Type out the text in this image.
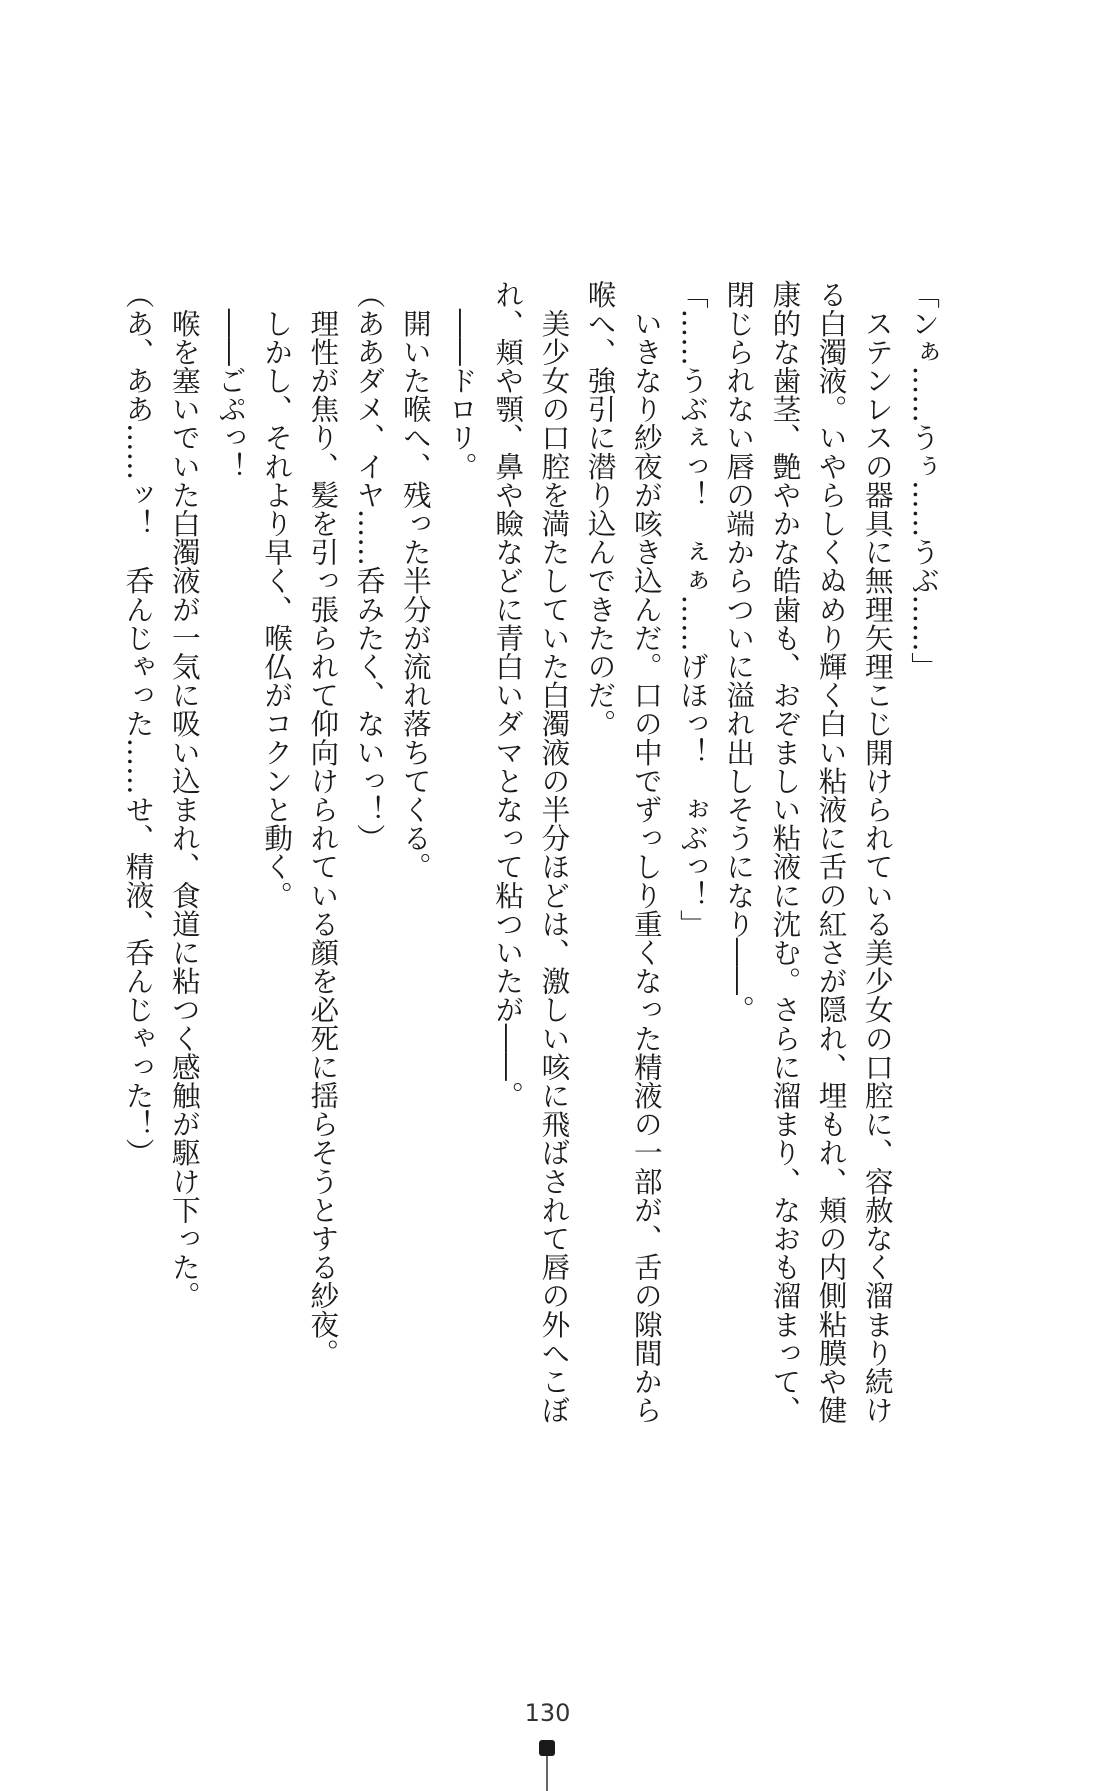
「ンぁ……うぅ……うぶ……」

　ステンレスの器具に無理矢理こじ開けられている美少女の口腔に、容赦なく溜まり続け

る白濁液。いやらしくぬめり輝く白い粘液に舌の紅さが隠れ、埋もれ、頬の内側粘膜や健

康的な歯茎、艶やかな皓歯も、おぞましい粘液に沈む。さらに溜まり、なおも溜まって、

閉じられない唇の端からついに溢れ出しそうになり――。

「……うぶぇっ！　ぇぁ……げほっ！　ぉぶっ！」

　いきなり紗夜が咳き込んだ。口の中でずっしり重くなった精液の一部が、舌の隙間から

喉へ、強引に潜り込んできたのだ。

　美少女の口腔を満たしていた白濁液の半分ほどは、激しい咳に飛ばされて唇の外へこぼ

れ、頬や顎、鼻や瞼などに青白いダマとなって粘ついたが――。

　――ドロリ。

　開いた喉へ、残った半分が流れ落ちてくる。

（ああダメ、イヤ……呑みたく、ないっ！）

　理性が焦り、髪を引っ張られて仰向けられている顔を必死に揺らそうとする紗夜。

　しかし、それより早く、喉仏がコクンと動く。

　――ごぷっ！

　喉を塞いでいた白濁液が一気に吸い込まれ、食道に粘つく感触が駆け下った。

（あ、ああ……ッ！　呑んじゃった……せ、精液、呑んじゃった！）

130
